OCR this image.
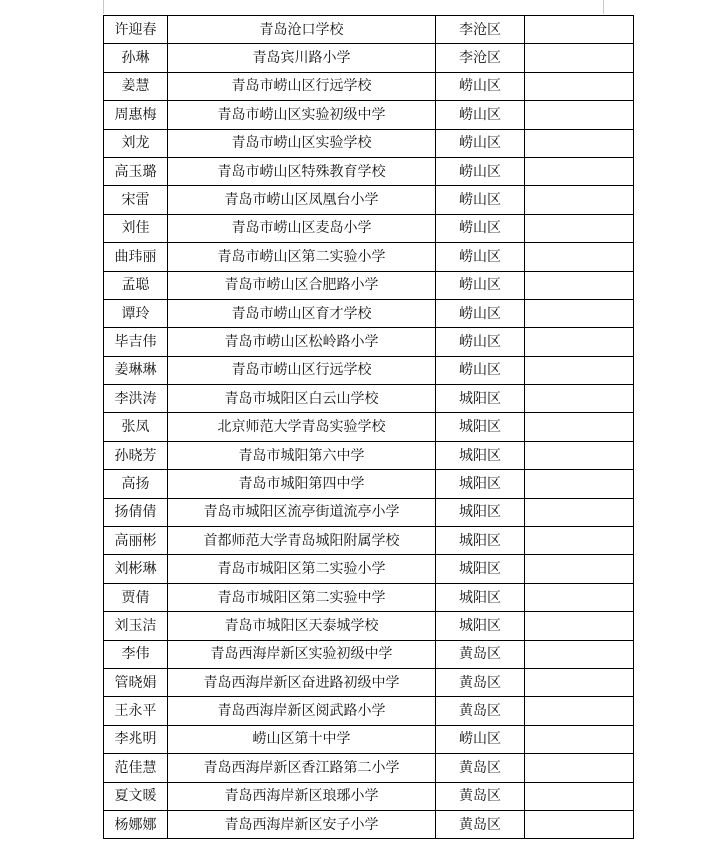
许迎春	青岛沧口学校	李沧区	
孙琳	青岛宾川路小学	李沧区	
姜慧	青岛市崂山区行远学校	崂山区	
周惠梅	青岛市崂山区实验初级中学	崂山区	
刘龙	青岛市崂山区实验学校	崂山区	
高玉璐	青岛市崂山区特殊教育学校	崂山区	
宋雷	青岛市崂山区凤凰台小学	崂山区	
刘佳	青岛市崂山区麦岛小学	崂山区	
曲玮丽	青岛市崂山区第二实验小学	崂山区	
孟聪	青岛市崂山区合肥路小学	崂山区	
谭玲	青岛市崂山区育才学校	崂山区	
毕吉伟	青岛市崂山区松岭路小学	崂山区	
姜琳琳	青岛市崂山区行远学校	崂山区	
李洪涛	青岛市城阳区白云山学校	城阳区	
张凤	北京师范大学青岛实验学校	城阳区	
孙晓芳	青岛市城阳第六中学	城阳区	
高扬	青岛市城阳第四中学	城阳区	
扬倩倩	青岛市城阳区流亭街道流亭小学	城阳区	
高丽彬	首都师范大学青岛城阳附属学校	城阳区	
刘彬琳	青岛市城阳区第二实验小学	城阳区	
贾倩	青岛市城阳区第二实验中学	城阳区	
刘玉洁	青岛市城阳区天泰城学校	城阳区	
李伟	青岛西海岸新区实验初级中学	黄岛区	
管晓娟	青岛西海岸新区奋进路初级中学	黄岛区	
王永平	青岛西海岸新区阅武路小学	黄岛区	
李兆明	崂山区第十中学	崂山区	
范佳慧	青岛西海岸新区香江路第二小学	黄岛区	
夏文暖	青岛西海岸新区琅琊小学	黄岛区	
杨娜娜	青岛西海岸新区安子小学	黄岛区	
